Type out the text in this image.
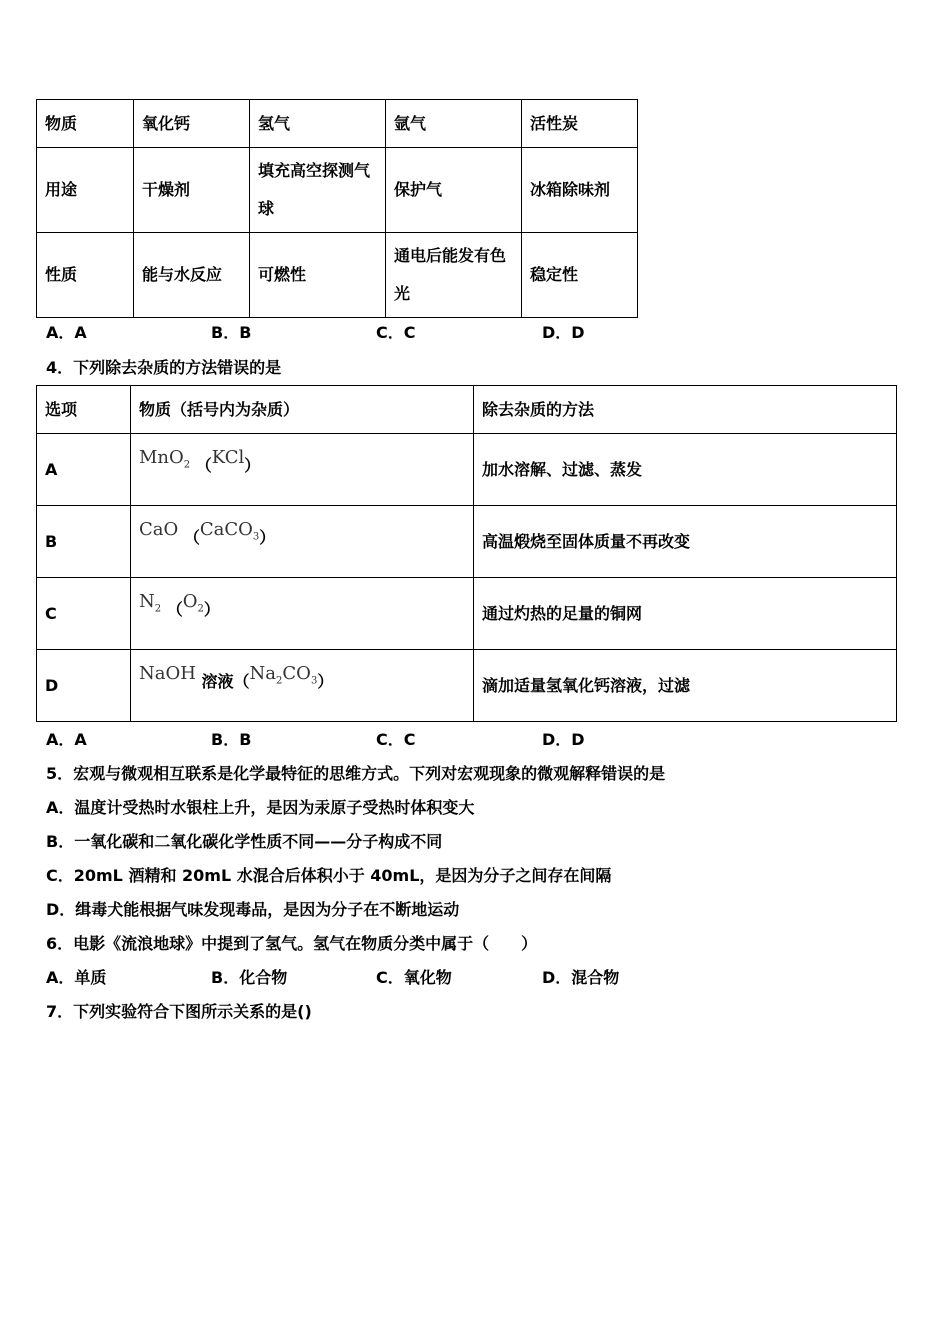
物质	氧化钙	氢气	氩气	活性炭
用途	干燥剂	填充高空探测气球	保护气	冰箱除味剂
性质	能与水反应	可燃性	通电后能发有色光	稳定性
A．A	B．B	C．C	D．D
4．下列除去杂质的方法错误的是
选项	物质（括号内为杂质）	除去杂质的方法
A	MnO$_2$ （KCl）	加水溶解、过滤、蒸发
B	CaO （CaCO$_3$）	高温煅烧至固体质量不再改变
C	$N_2$ $(O_2)$	通过灼热的足量的铜网
D	NaOH 溶液$(Na_2CO_3)$	滴加适量氢氧化钙溶液，过滤
A．A	B．B	C．C	D．D
5．宏观与微观相互联系是化学最特征的思维方式。下列对宏观现象的微观解释错误的是
A．温度计受热时水银柱上升，是因为汞原子受热时体积变大
B．一氧化碳和二氧化碳化学性质不同——分子构成不同
C．20mL 酒精和 20mL 水混合后体积小于 40mL，是因为分子之间存在间隔
D．缉毒犬能根据气味发现毒品，是因为分子在不断地运动
6．电影《流浪地球》中提到了氢气。氢气在物质分类中属于（　　）
A．单质	B．化合物	C．氧化物	D．混合物
7．下列实验符合下图所示关系的是()
